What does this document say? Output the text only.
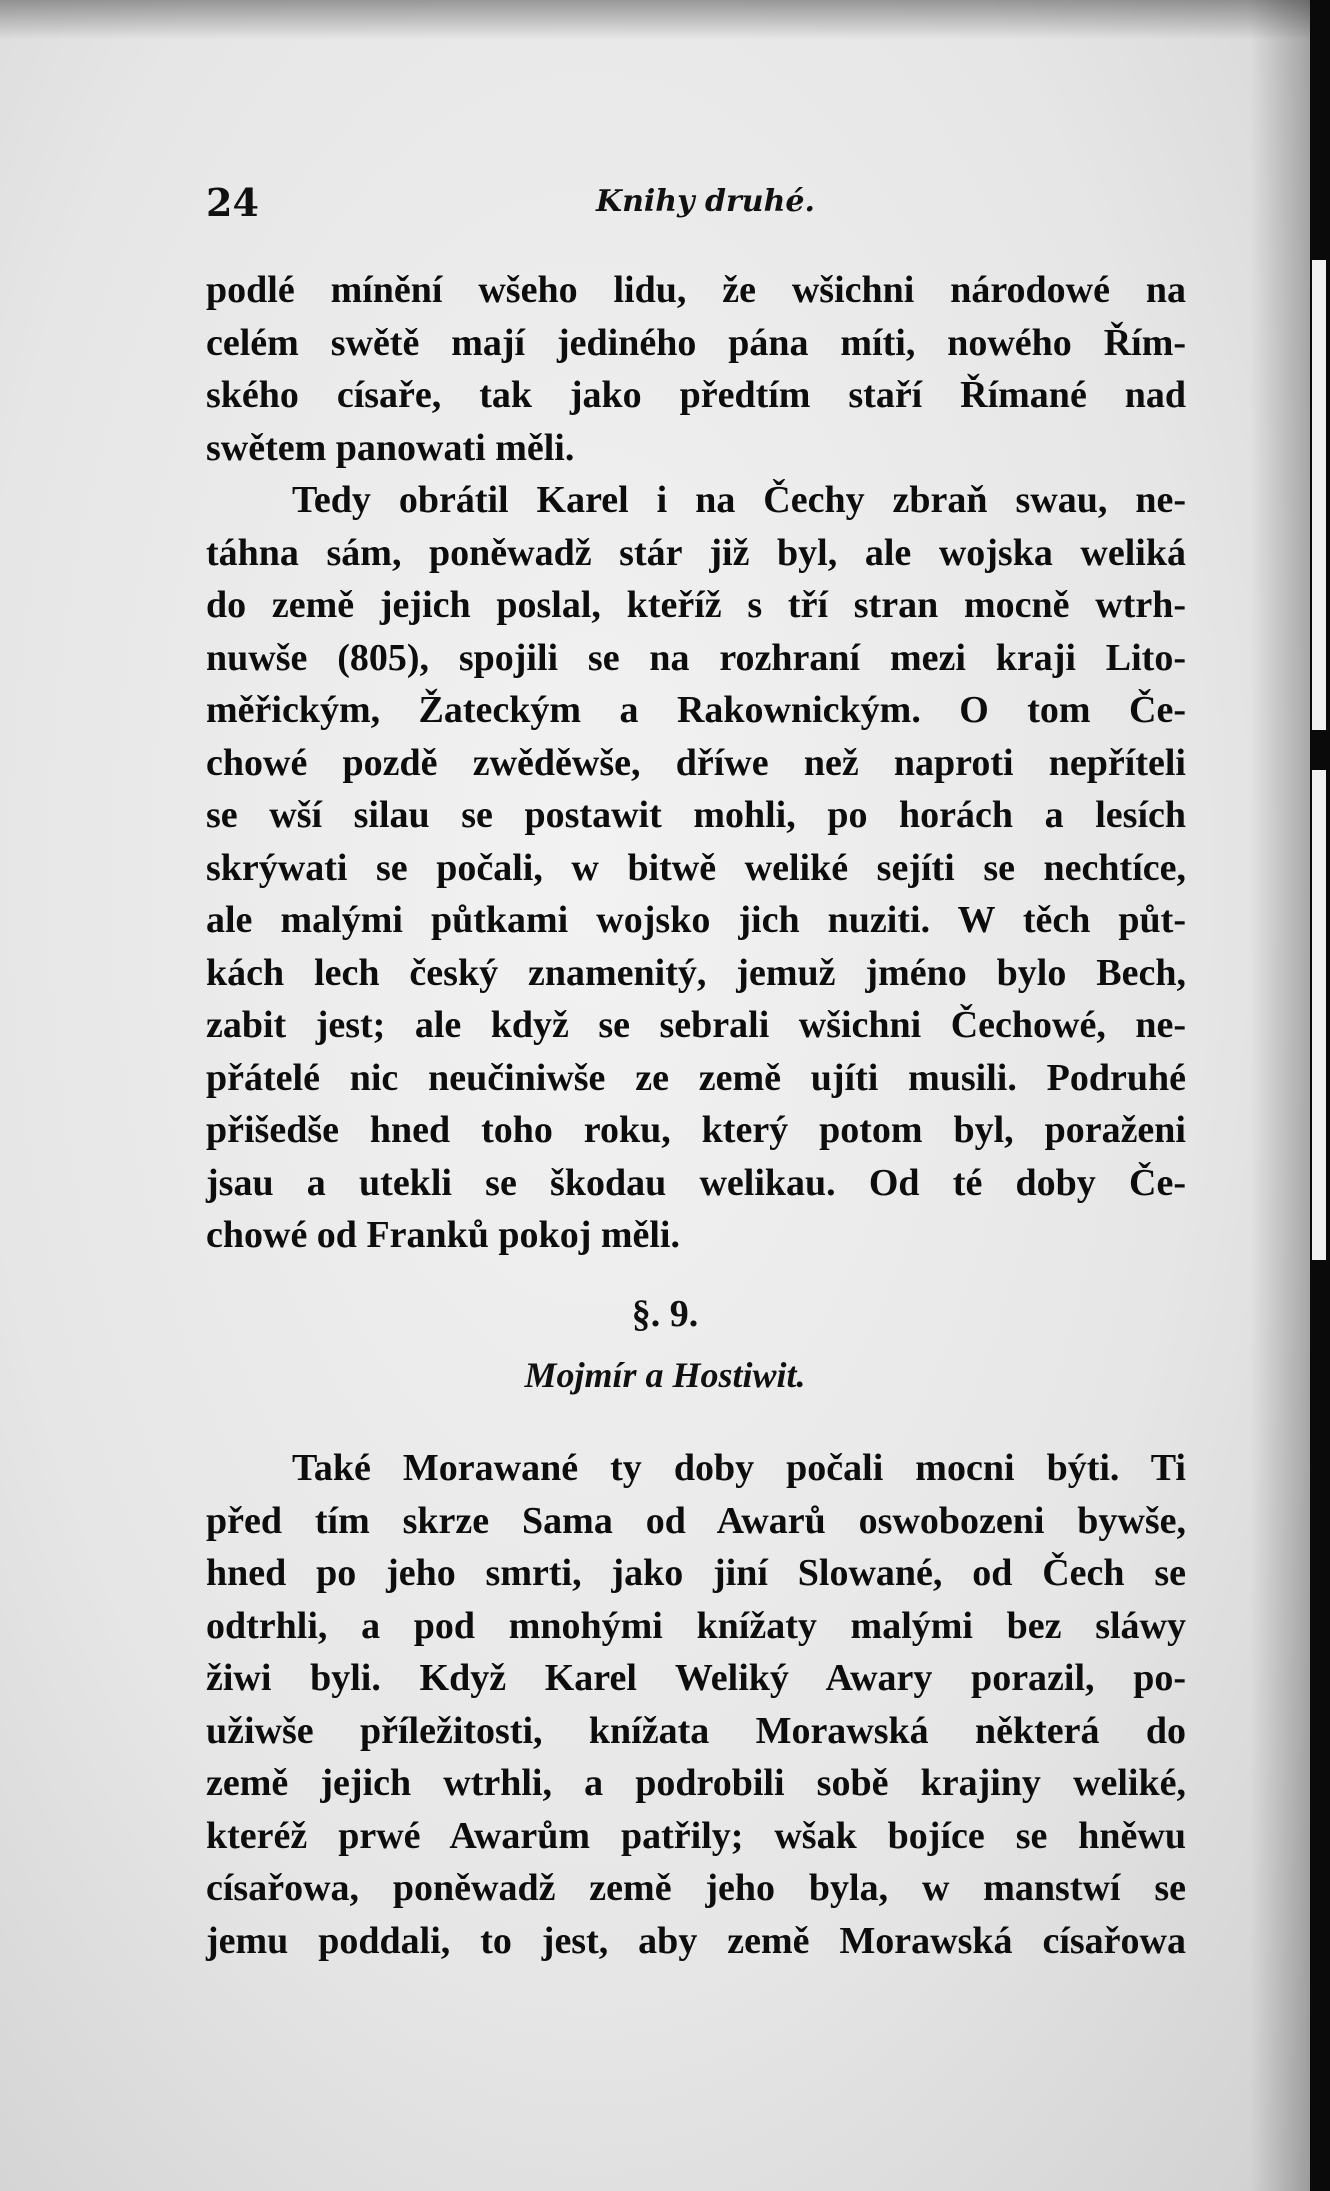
24	Knihy druhé.
podlé mínění wšeho lidu, že wšichni národowé na
celém swětě mají jediného pána míti, nowého Řím-
ského císaře, tak jako předtím staří Římané nad
swětem panowati měli.
Tedy obrátil Karel i na Čechy zbraň swau, ne-
táhna sám, poněwadž stár již byl, ale wojska weliká
do země jejich poslal, kteříž s tří stran mocně wtrh-
nuwše (805), spojili se na rozhraní mezi kraji Lito-
měřickým, Žateckým a Rakownickým. O tom Če-
chowé pozdě zwěděwše, dříwe než naproti nepříteli
se wší silau se postawit mohli, po horách a lesích
skrýwati se počali, w bitwě weliké sejíti se nechtíce,
ale malými půtkami wojsko jich nuziti. W těch půt-
kách lech český znamenitý, jemuž jméno bylo Bech,
zabit jest; ale když se sebrali wšichni Čechowé, ne-
přátelé nic neučiniwše ze země ujíti musili. Podruhé
přišedše hned toho roku, který potom byl, poraženi
jsau a utekli se škodau welikau. Od té doby Če-
chowé od Franků pokoj měli.
§. 9.
Mojmír a Hostiwit.
Také Morawané ty doby počali mocni býti. Ti
před tím skrze Sama od Awarů oswobozeni bywše,
hned po jeho smrti, jako jiní Slowané, od Čech se
odtrhli, a pod mnohými knížaty malými bez sláwy
žiwi byli. Když Karel Weliký Awary porazil, po-
užiwše příležitosti, knížata Morawská některá do
země jejich wtrhli, a podrobili sobě krajiny weliké,
kteréž prwé Awarům patřily; wšak bojíce se hněwu
císařowa, poněwadž země jeho byla, w manstwí se
jemu poddali, to jest, aby země Morawská císařowa
